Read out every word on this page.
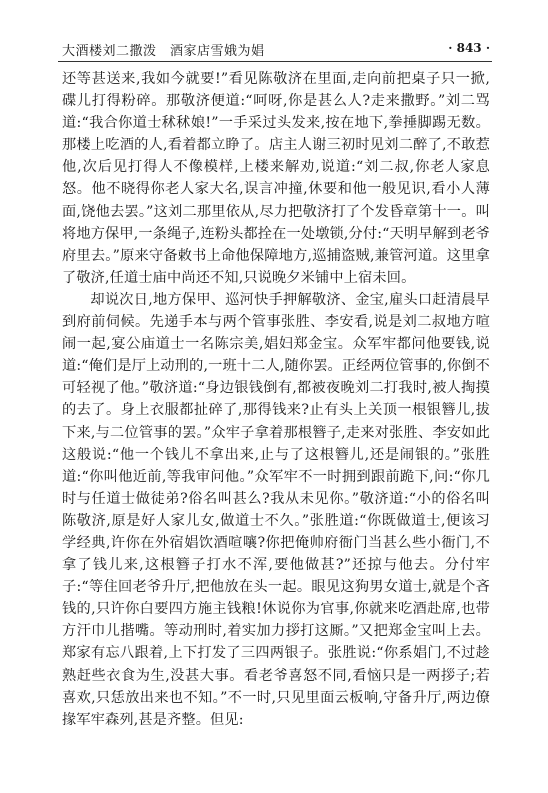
大酒楼刘二撒泼　酒家店雪娥为娼	· 843 ·

还等甚送来,我如今就要!”看见陈敬济在里面,走向前把桌子只一掀,碟儿打得粉碎。那敬济便道:“呵呀,你是甚么人?走来撒野。”刘二骂道:“我合你道士秫秫娘!”一手采过头发来,按在地下,拳捶脚踢无数。那楼上吃酒的人,看着都立睁了。店主人谢三初时见刘二醉了,不敢惹他,次后见打得人不像模样,上楼来解劝,说道:“刘二叔,你老人家息怒。他不晓得你老人家大名,误言冲撞,休要和他一般见识,看小人薄面,饶他去罢。”这刘二那里依从,尽力把敬济打了个发昏章第十一。叫将地方保甲,一条绳子,连粉头都拴在一处墩锁,分付:“天明早解到老爷府里去。”原来守备敕书上命他保障地方,巡捕盗贼,兼管河道。这里拿了敬济,任道士庙中尚还不知,只说晚夕米铺中上宿未回。

却说次日,地方保甲、巡河快手押解敬济、金宝,雇头口赶清晨早到府前伺候。先递手本与两个管事张胜、李安看,说是刘二叔地方喧闹一起,宴公庙道士一名陈宗美,娼妇郑金宝。众军牢都问他要钱,说道:“俺们是厅上动刑的,一班十二人,随你罢。正经两位管事的,你倒不可轻视了他。”敬济道:“身边银钱倒有,都被夜晚刘二打我时,被人掏摸的去了。身上衣服都扯碎了,那得钱来?止有头上关顶一根银簪儿,拔下来,与二位管事的罢。”众牢子拿着那根簪子,走来对张胜、李安如此这般说:“他一个钱儿不拿出来,止与了这根簪儿,还是闹银的。”张胜道:“你叫他近前,等我审问他。”众军牢不一时拥到跟前跪下,问:“你几时与任道士做徒弟?俗名叫甚么?我从未见你。”敬济道:“小的俗名叫陈敬济,原是好人家儿女,做道士不久。”张胜道:“你既做道士,便该习学经典,许你在外宿娼饮酒喧嚷?你把俺帅府衙门当甚么些小衙门,不拿了钱儿来,这根簪子打水不浑,要他做甚?”还掠与他去。分付牢子:“等住回老爷升厅,把他放在头一起。眼见这狗男女道士,就是个吝钱的,只许你白要四方施主钱粮!休说你为官事,你就来吃酒赴席,也带方汗巾儿揩嘴。等动刑时,着实加力拶打这厮。”又把郑金宝叫上去。郑家有忘八跟着,上下打发了三四两银子。张胜说:“你系娼门,不过趁熟赶些衣食为生,没甚大事。看老爷喜怒不同,看恼只是一两拶子;若喜欢,只恁放出来也不知。”不一时,只见里面云板响,守备升厅,两边僚掾军牢森列,甚是齐整。但见:
